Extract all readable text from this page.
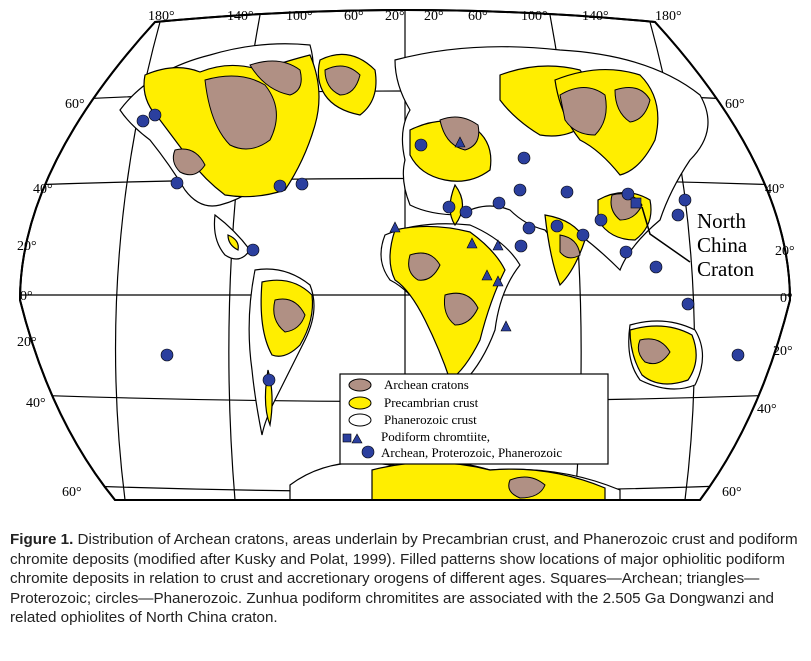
North
China
Craton
180°	140° 100° 60° 20° 20° 60° 100° 140°	180°
60°
40°
20°
0°
20°
40°
60°
60°
40°
20°
0°
20°
40°
60°
Archean cratons
Precambrian crust
Phanerozoic crust
Podiform chromtiite,
Archean, Proterozoic, Phanerozoic
Figure 1. Distribution of Archean cratons, areas underlain by Precambrian crust, and Phanerozoic crust and podiform chromite deposits (modified after Kusky and Polat, 1999). Filled patterns show locations of major ophiolitic podiform chromite deposits in relation to crust and accretionary orogens of different ages. Squares—Archean; triangles—Proterozoic; circles—Phanerozoic. Zunhua podiform chromitites are associated with the 2.505 Ga Dongwanzi and related ophiolites of North China craton.
